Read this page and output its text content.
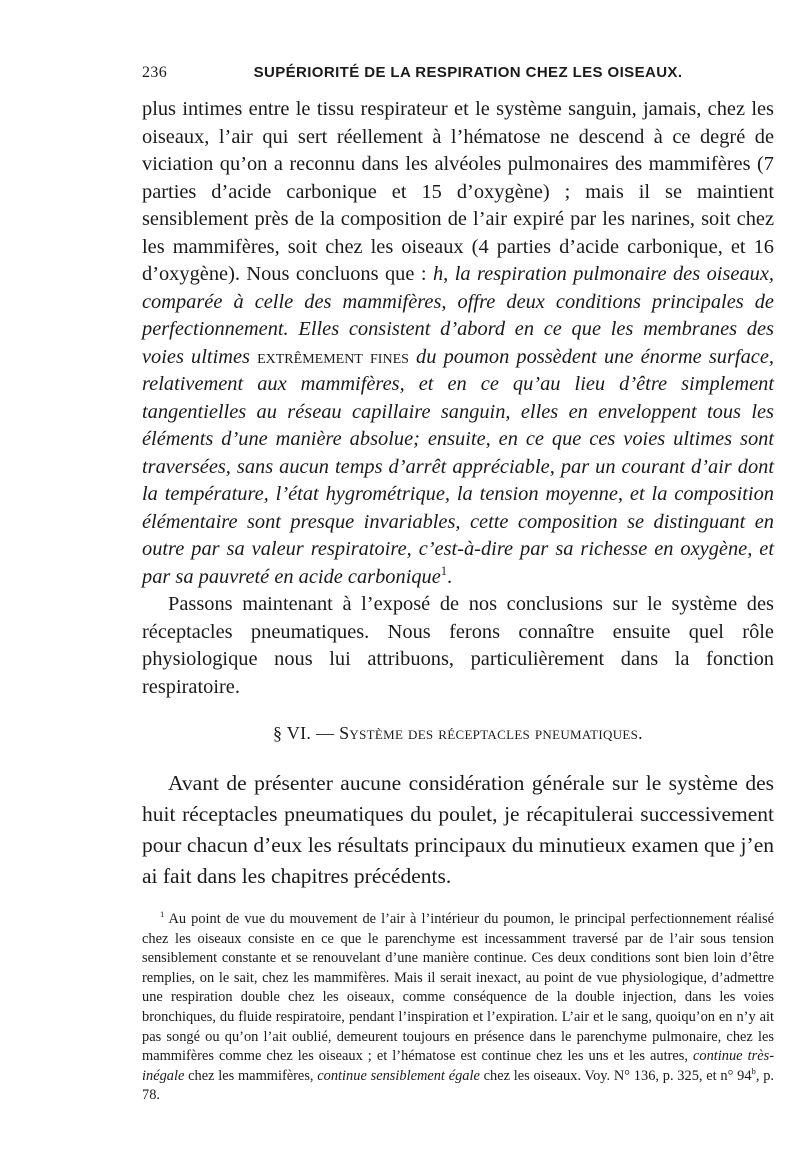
236	SUPÉRIORITÉ DE LA RESPIRATION CHEZ LES OISEAUX.

plus intimes entre le tissu respirateur et le système sanguin, jamais, chez les oiseaux, l’air qui sert réellement à l’hématose ne descend à ce degré de viciation qu’on a reconnu dans les alvéoles pulmonaires des mammifères (7 parties d’acide carbonique et 15 d’oxygène) ; mais il se maintient sensiblement près de la composition de l’air expiré par les narines, soit chez les mammifères, soit chez les oiseaux (4 parties d’acide carbonique, et 16 d’oxygène). Nous concluons que : h, la respiration pulmonaire des oiseaux, comparée à celle des mammifères, offre deux conditions principales de perfectionnement. Elles consistent d’abord en ce que les membranes des voies ultimes extrêmement fines du poumon possèdent une énorme surface, relativement aux mammifères, et en ce qu’au lieu d’être simplement tangentielles au réseau capillaire sanguin, elles en enveloppent tous les éléments d’une manière absolue; ensuite, en ce que ces voies ultimes sont traversées, sans aucun temps d’arrêt appréciable, par un courant d’air dont la température, l’état hygrométrique, la tension moyenne, et la composition élémentaire sont presque invariables, cette composition se distinguant en outre par sa valeur respiratoire, c’est-à-dire par sa richesse en oxygène, et par sa pauvreté en acide carbonique$^1$.

Passons maintenant à l’exposé de nos conclusions sur le système des réceptacles pneumatiques. Nous ferons connaître ensuite quel rôle physiologique nous lui attribuons, particulièrement dans la fonction respiratoire.

§ VI. — Système des réceptacles pneumatiques.

Avant de présenter aucune considération générale sur le système des huit réceptacles pneumatiques du poulet, je récapitulerai successivement pour chacun d’eux les résultats principaux du minutieux examen que j’en ai fait dans les chapitres précédents.

$^1$ Au point de vue du mouvement de l’air à l’intérieur du poumon, le principal perfectionnement réalisé chez les oiseaux consiste en ce que le parenchyme est incessamment traversé par de l’air sous tension sensiblement constante et se renouvelant d’une manière continue. Ces deux conditions sont bien loin d’être remplies, on le sait, chez les mammifères. Mais il serait inexact, au point de vue physiologique, d’admettre une respiration double chez les oiseaux, comme conséquence de la double injection, dans les voies bronchiques, du fluide respiratoire, pendant l’inspiration et l’expiration. L’air et le sang, quoiqu’on en n’y ait pas songé ou qu’on l’ait oublié, demeurent toujours en présence dans le parenchyme pulmonaire, chez les mammifères comme chez les oiseaux ; et l’hématose est continue chez les uns et les autres, continue très-inégale chez les mammifères, continue sensiblement égale chez les oiseaux. Voy. N° 136, p. 325, et n° 94$^b$, p. 78.
